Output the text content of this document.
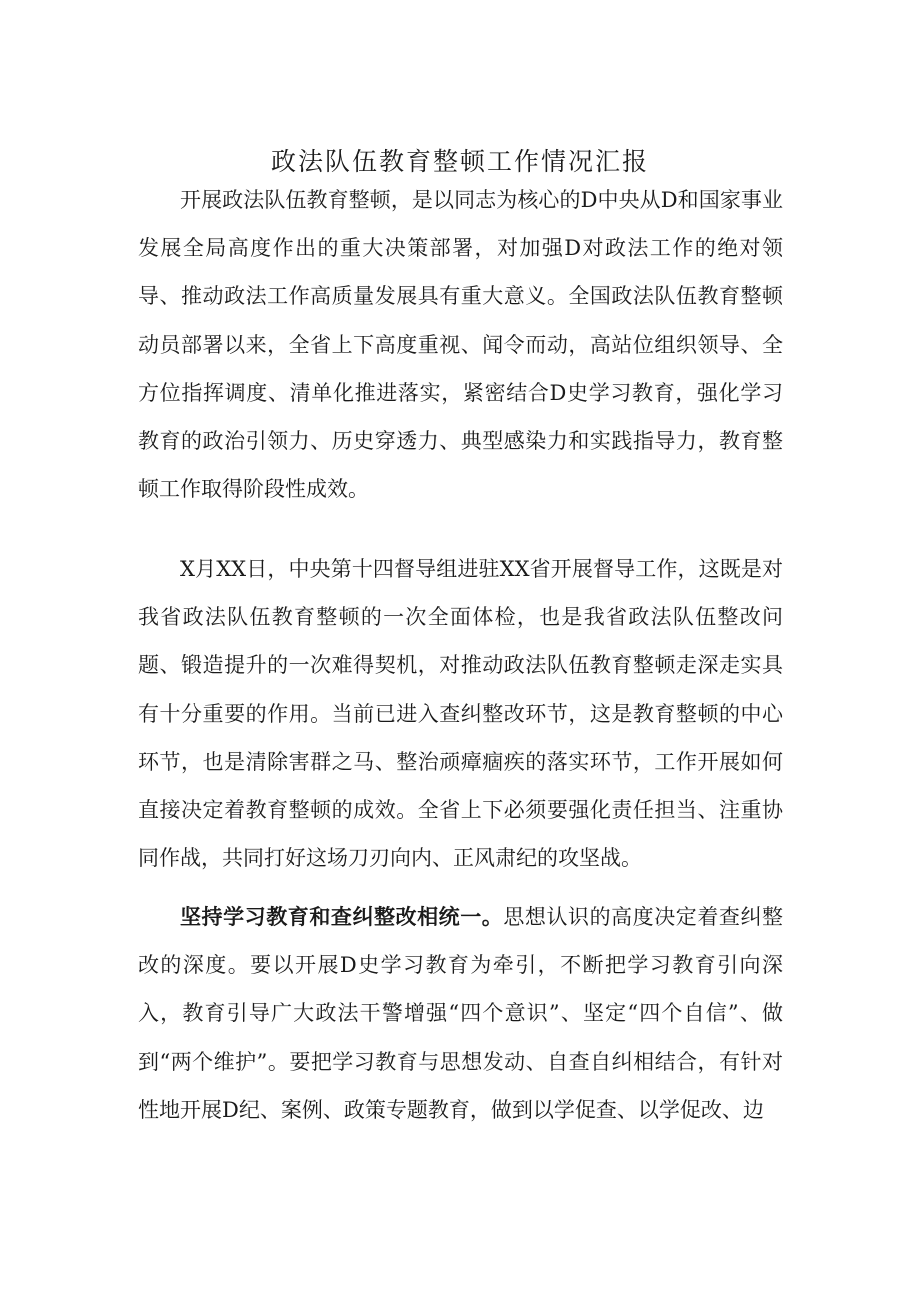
政法队伍教育整顿工作情况汇报

开展政法队伍教育整顿，是以同志为核心的D中央从D和国家事业发展全局高度作出的重大决策部署，对加强D对政法工作的绝对领导、推动政法工作高质量发展具有重大意义。全国政法队伍教育整顿动员部署以来，全省上下高度重视、闻令而动，高站位组织领导、全方位指挥调度、清单化推进落实，紧密结合D史学习教育，强化学习教育的政治引领力、历史穿透力、典型感染力和实践指导力，教育整顿工作取得阶段性成效。

X月XX日，中央第十四督导组进驻XX省开展督导工作，这既是对我省政法队伍教育整顿的一次全面体检，也是我省政法队伍整改问题、锻造提升的一次难得契机，对推动政法队伍教育整顿走深走实具有十分重要的作用。当前已进入查纠整改环节，这是教育整顿的中心环节，也是清除害群之马、整治顽瘴痼疾的落实环节，工作开展如何直接决定着教育整顿的成效。全省上下必须要强化责任担当、注重协同作战，共同打好这场刀刃向内、正风肃纪的攻坚战。

坚持学习教育和查纠整改相统一。思想认识的高度决定着查纠整改的深度。要以开展D史学习教育为牵引，不断把学习教育引向深入，教育引导广大政法干警增强“四个意识”、坚定“四个自信”、做到“两个维护”。要把学习教育与思想发动、自查自纠相结合，有针对性地开展D纪、案例、政策专题教育，做到以学促查、以学促改、边
